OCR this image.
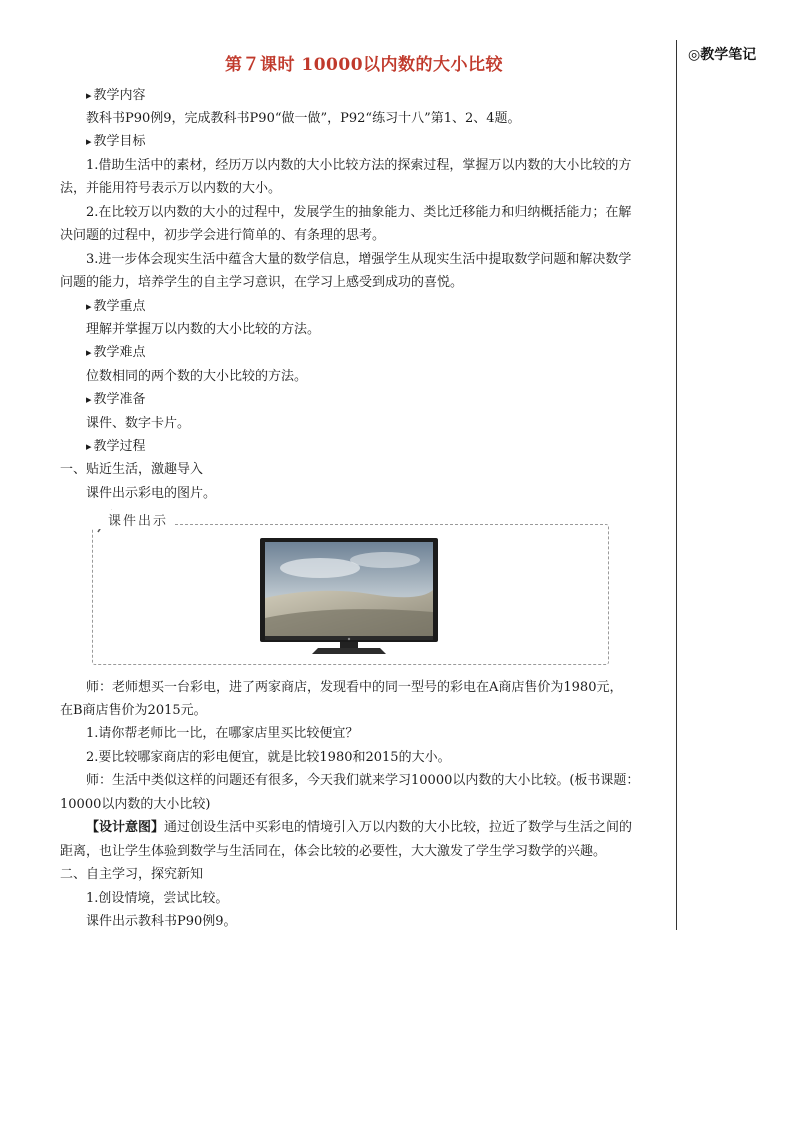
◎教学笔记
第７课时 10000以内数的大小比较
▸ 教学内容
教科书P90例9，完成教科书P90“做一做”，P92“练习十八”第1、2、4题。
▸ 教学目标
1.借助生活中的素材，经历万以内数的大小比较方法的探索过程，掌握万以内数的大小比较的方
法，并能用符号表示万以内数的大小。
2.在比较万以内数的大小的过程中，发展学生的抽象能力、类比迁移能力和归纳概括能力；在解
决问题的过程中，初步学会进行简单的、有条理的思考。
3.进一步体会现实生活中蕴含大量的数学信息，增强学生从现实生活中提取数学问题和解决数学
问题的能力，培养学生的自主学习意识，在学习上感受到成功的喜悦。
▸ 教学重点
理解并掌握万以内数的大小比较的方法。
▸ 教学难点
位数相同的两个数的大小比较的方法。
▸ 教学准备
课件、数字卡片。
▸ 教学过程
一、贴近生活，激趣导入
课件出示彩电的图片。
课件出示
师：老师想买一台彩电，进了两家商店，发现看中的同一型号的彩电在A商店售价为1980元，
在B商店售价为2015元。
1.请你帮老师比一比，在哪家店里买比较便宜？
2.要比较哪家商店的彩电便宜，就是比较1980和2015的大小。
师：生活中类似这样的问题还有很多，今天我们就来学习10000以内数的大小比较。(板书课题：
10000以内数的大小比较)
【设计意图】通过创设生活中买彩电的情境引入万以内数的大小比较，拉近了数学与生活之间的
距离，也让学生体验到数学与生活同在，体会比较的必要性，大大激发了学生学习数学的兴趣。
二、自主学习，探究新知
1.创设情境，尝试比较。
课件出示教科书P90例9。
